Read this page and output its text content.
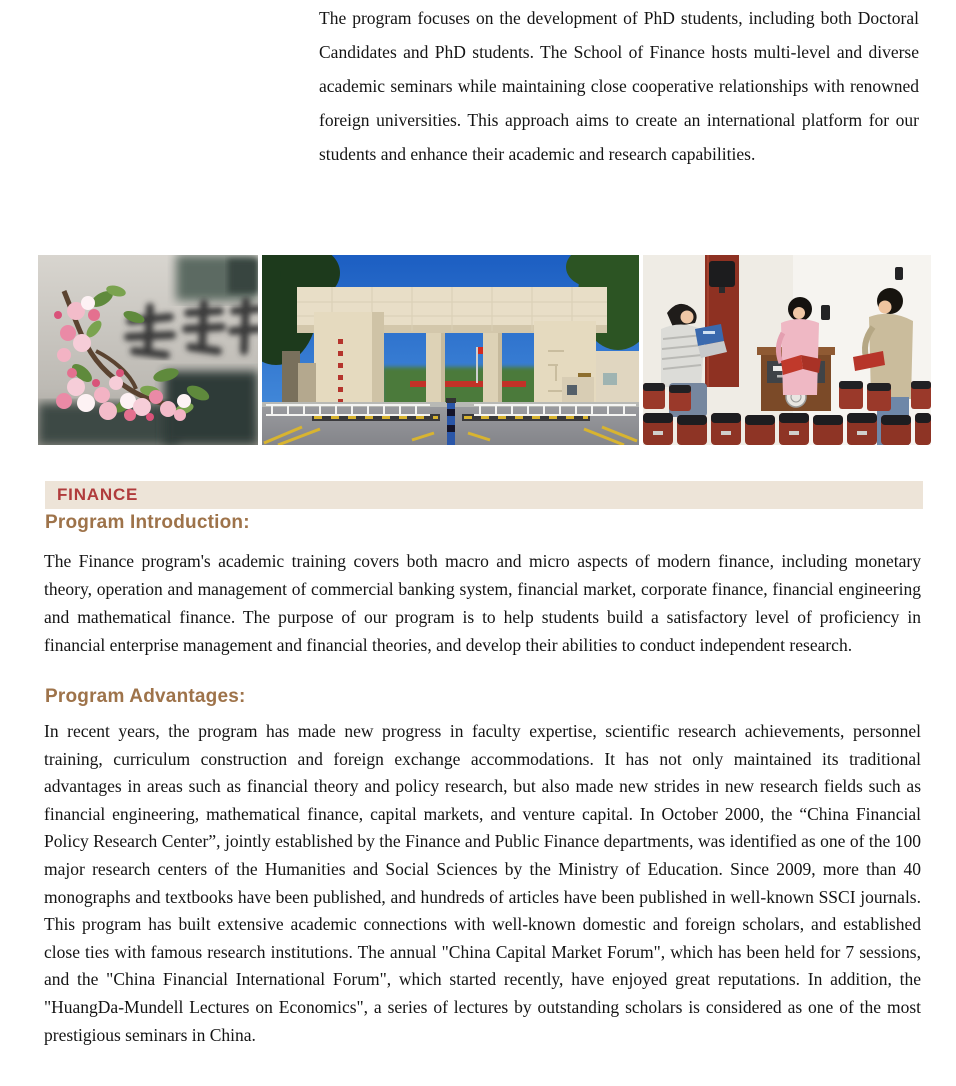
The program focuses on the development of PhD students, including both Doctoral Candidates and PhD students. The School of Finance hosts multi-level and diverse academic seminars while maintaining close cooperative relationships with renowned foreign universities. This approach aims to create an international platform for our students and enhance their academic and research capabilities.

FINANCE
Program Introduction:

The Finance program's academic training covers both macro and micro aspects of modern finance, including monetary theory, operation and management of commercial banking system, financial market, corporate finance, financial engineering and mathematical finance. The purpose of our program is to help students build a satisfactory level of proficiency in financial enterprise management and financial theories, and develop their abilities to conduct independent research.

Program Advantages:

In recent years, the program has made new progress in faculty expertise, scientific research achievements, personnel training, curriculum construction and foreign exchange accommodations. It has not only maintained its traditional advantages in areas such as financial theory and policy research, but also made new strides in new research fields such as financial engineering, mathematical finance, capital markets, and venture capital. In October 2000, the “China Financial Policy Research Center”, jointly established by the Finance and Public Finance departments, was identified as one of the 100 major research centers of the Humanities and Social Sciences by the Ministry of Education. Since 2009, more than 40 monographs and textbooks have been published, and hundreds of articles have been published in well-known SSCI journals. This program has built extensive academic connections with well-known domestic and foreign scholars, and established close ties with famous research institutions. The annual "China Capital Market Forum", which has been held for 7 sessions, and the "China Financial International Forum", which started recently, have enjoyed great reputations. In addition, the "HuangDa-Mundell Lectures on Economics", a series of lectures by outstanding scholars is considered as one of the most prestigious seminars in China.
